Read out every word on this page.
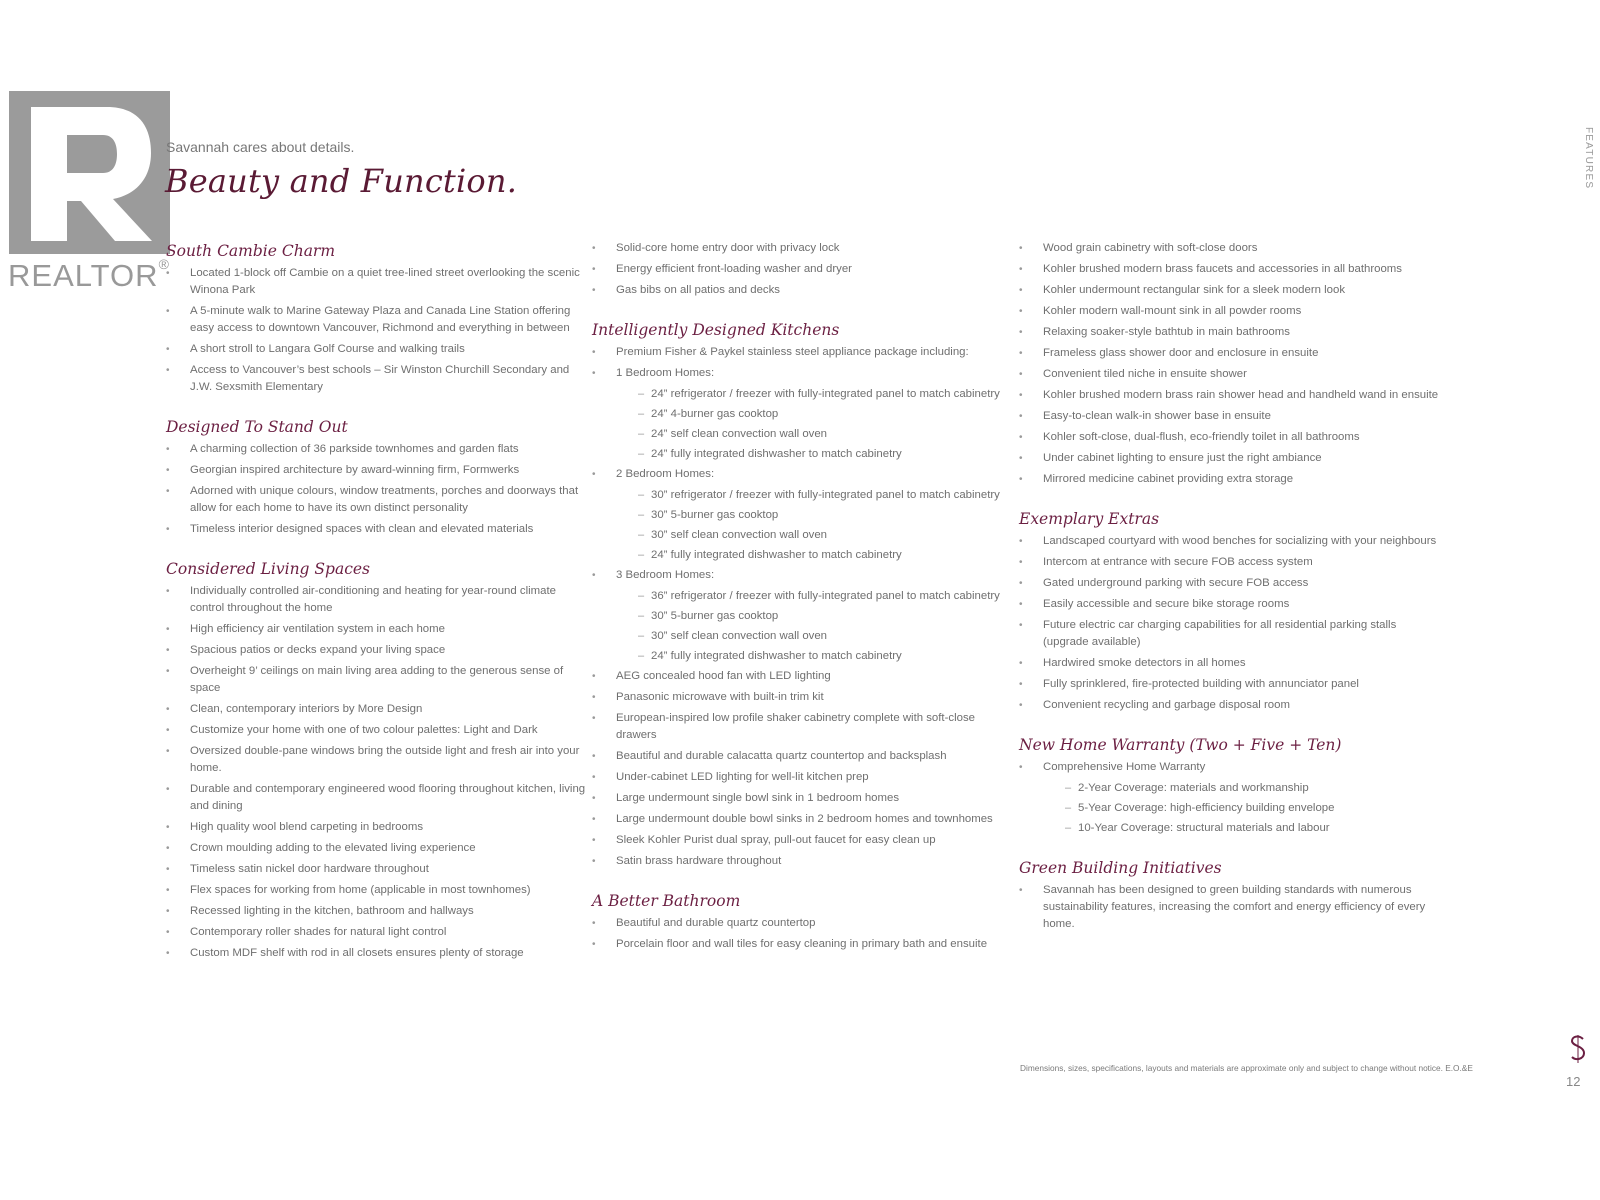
REALTOR®
Savannah cares about details.
Beauty and Function.	FEATURES
South Cambie Charm
• Located 1-block off Cambie on a quiet tree-lined street overlooking the scenic Winona Park
• A 5-minute walk to Marine Gateway Plaza and Canada Line Station offering easy access to downtown Vancouver, Richmond and everything in between
• A short stroll to Langara Golf Course and walking trails
• Access to Vancouver’s best schools – Sir Winston Churchill Secondary and J.W. Sexsmith Elementary
Designed To Stand Out
• A charming collection of 36 parkside townhomes and garden flats
• Georgian inspired architecture by award-winning firm, Formwerks
• Adorned with unique colours, window treatments, porches and doorways that allow for each home to have its own distinct personality
• Timeless interior designed spaces with clean and elevated materials
Considered Living Spaces
• Individually controlled air-conditioning and heating for year-round climate control throughout the home
• High efficiency air ventilation system in each home
• Spacious patios or decks expand your living space
• Overheight 9’ ceilings on main living area adding to the generous sense of space
• Clean, contemporary interiors by More Design
• Customize your home with one of two colour palettes: Light and Dark
• Oversized double-pane windows bring the outside light and fresh air into your home.
• Durable and contemporary engineered wood flooring throughout kitchen, living and dining
• High quality wool blend carpeting in bedrooms
• Crown moulding adding to the elevated living experience
• Timeless satin nickel door hardware throughout
• Flex spaces for working from home (applicable in most townhomes)
• Recessed lighting in the kitchen, bathroom and hallways
• Contemporary roller shades for natural light control
• Custom MDF shelf with rod in all closets ensures plenty of storage
• Solid-core home entry door with privacy lock
• Energy efficient front-loading washer and dryer
• Gas bibs on all patios and decks
Intelligently Designed Kitchens
• Premium Fisher & Paykel stainless steel appliance package including:
• 1 Bedroom Homes:
– 24” refrigerator / freezer with fully-integrated panel to match cabinetry
– 24” 4-burner gas cooktop
– 24” self clean convection wall oven
– 24” fully integrated dishwasher to match cabinetry
• 2 Bedroom Homes:
– 30” refrigerator / freezer with fully-integrated panel to match cabinetry
– 30” 5-burner gas cooktop
– 30” self clean convection wall oven
– 24” fully integrated dishwasher to match cabinetry
• 3 Bedroom Homes:
– 36” refrigerator / freezer with fully-integrated panel to match cabinetry
– 30” 5-burner gas cooktop
– 30” self clean convection wall oven
– 24” fully integrated dishwasher to match cabinetry
• AEG concealed hood fan with LED lighting
• Panasonic microwave with built-in trim kit
• European-inspired low profile shaker cabinetry complete with soft-close drawers
• Beautiful and durable calacatta quartz countertop and backsplash
• Under-cabinet LED lighting for well-lit kitchen prep
• Large undermount single bowl sink in 1 bedroom homes
• Large undermount double bowl sinks in 2 bedroom homes and townhomes
• Sleek Kohler Purist dual spray, pull-out faucet for easy clean up
• Satin brass hardware throughout
A Better Bathroom
• Beautiful and durable quartz countertop
• Porcelain floor and wall tiles for easy cleaning in primary bath and ensuite
• Wood grain cabinetry with soft-close doors
• Kohler brushed modern brass faucets and accessories in all bathrooms
• Kohler undermount rectangular sink for a sleek modern look
• Kohler modern wall-mount sink in all powder rooms
• Relaxing soaker-style bathtub in main bathrooms
• Frameless glass shower door and enclosure in ensuite
• Convenient tiled niche in ensuite shower
• Kohler brushed modern brass rain shower head and handheld wand in ensuite
• Easy-to-clean walk-in shower base in ensuite
• Kohler soft-close, dual-flush, eco-friendly toilet in all bathrooms
• Under cabinet lighting to ensure just the right ambiance
• Mirrored medicine cabinet providing extra storage
Exemplary Extras
• Landscaped courtyard with wood benches for socializing with your neighbours
• Intercom at entrance with secure FOB access system
• Gated underground parking with secure FOB access
• Easily accessible and secure bike storage rooms
• Future electric car charging capabilities for all residential parking stalls (upgrade available)
• Hardwired smoke detectors in all homes
• Fully sprinklered, fire-protected building with annunciator panel
• Convenient recycling and garbage disposal room
New Home Warranty (Two + Five + Ten)
• Comprehensive Home Warranty
– 2-Year Coverage: materials and workmanship
– 5-Year Coverage: high-efficiency building envelope
– 10-Year Coverage: structural materials and labour
Green Building Initiatives
• Savannah has been designed to green building standards with numerous sustainability features, increasing the comfort and energy efficiency of every home.
Dimensions, sizes, specifications, layouts and materials are approximate only and subject to change without notice. E.O.&E
12
